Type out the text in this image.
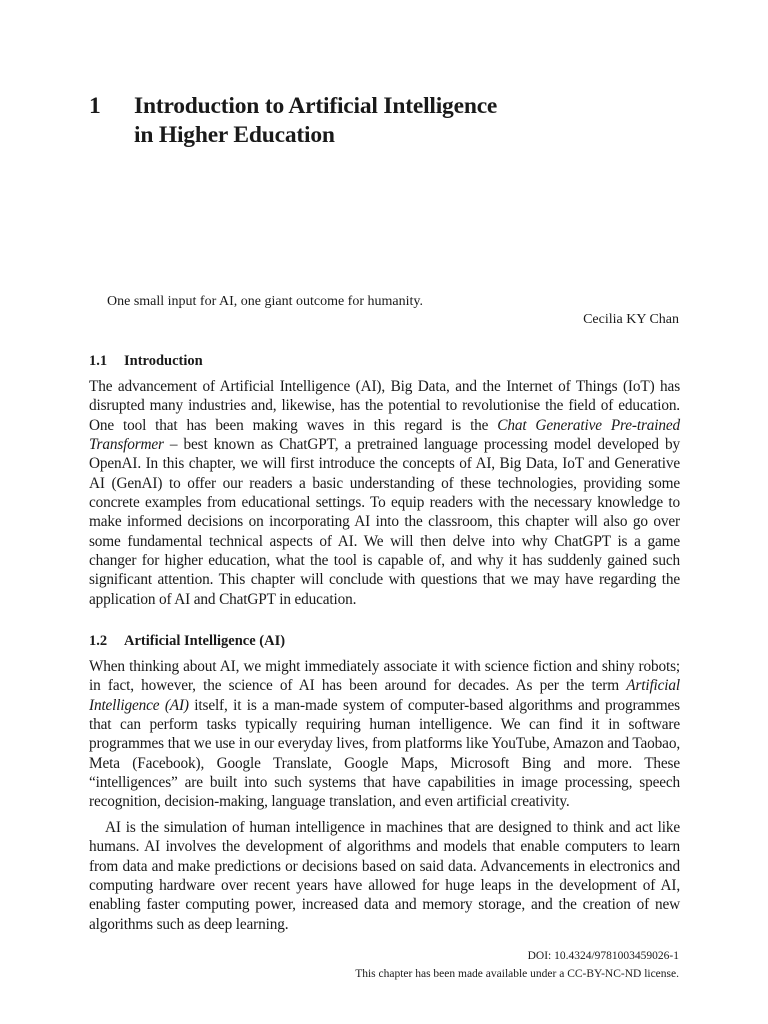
1 Introduction to Artificial Intelligence
in Higher Education
One small input for AI, one giant outcome for humanity.
Cecilia KY Chan
1.1 Introduction

The advancement of Artificial Intelligence (AI), Big Data, and the Internet of Things (IoT) has disrupted many industries and, likewise, has the potential to revolutionise the field of education. One tool that has been making waves in this regard is the Chat Generative Pre-trained Transformer – best known as ChatGPT, a pretrained language processing model developed by OpenAI. In this chapter, we will first introduce the concepts of AI, Big Data, IoT and Generative AI (GenAI) to offer our readers a basic understanding of these technologies, providing some concrete examples from educational settings. To equip readers with the necessary knowledge to make informed decisions on incorporating AI into the classroom, this chapter will also go over some fundamental technical aspects of AI. We will then delve into why ChatGPT is a game changer for higher education, what the tool is capable of, and why it has suddenly gained such significant attention. This chapter will conclude with questions that we may have regarding the application of AI and ChatGPT in education.

1.2 Artificial Intelligence (AI)

When thinking about AI, we might immediately associate it with science fiction and shiny robots; in fact, however, the science of AI has been around for decades. As per the term Artificial Intelligence (AI) itself, it is a man-made system of computer-based algorithms and programmes that can perform tasks typically requiring human intelligence. We can find it in software programmes that we use in our everyday lives, from platforms like YouTube, Amazon and Taobao, Meta (Facebook), Google Translate, Google Maps, Microsoft Bing and more. These “intelligences” are built into such systems that have capabilities in image processing, speech recognition, decision-making, language translation, and even artificial creativity.

AI is the simulation of human intelligence in machines that are designed to think and act like humans. AI involves the development of algorithms and models that enable computers to learn from data and make predictions or decisions based on said data. Advancements in electronics and computing hardware over recent years have allowed for huge leaps in the development of AI, enabling faster computing power, increased data and memory storage, and the creation of new algorithms such as deep learning.

DOI: 10.4324/9781003459026-1
This chapter has been made available under a CC-BY-NC-ND license.
